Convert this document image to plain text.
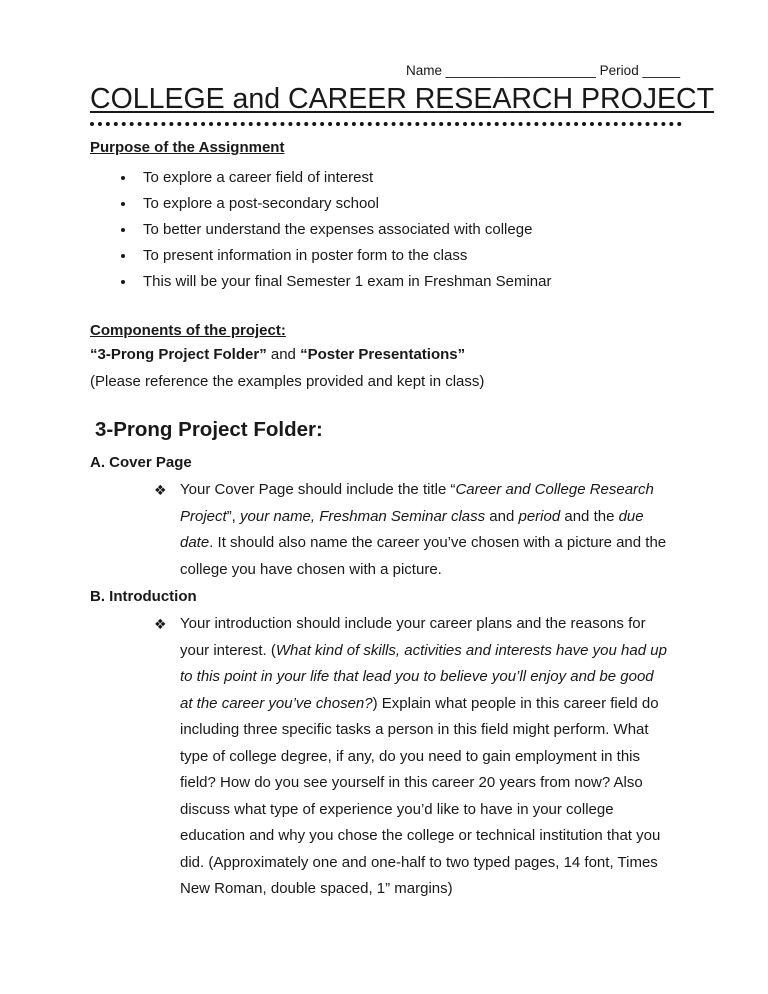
Name ____________________ Period _____
COLLEGE and CAREER RESEARCH PROJECT
Purpose of the Assignment
• To explore a career field of interest
• To explore a post-secondary school
• To better understand the expenses associated with college
• To present information in poster form to the class
• This will be your final Semester 1 exam in Freshman Seminar
Components of the project:

“3-Prong Project Folder” and “Poster Presentations”

(Please reference the examples provided and kept in class)

3-Prong Project Folder:

A. Cover Page

❖ Your Cover Page should include the title “Career and College Research Project”, your name, Freshman Seminar class and period and the due date. It should also name the career you’ve chosen with a picture and the college you have chosen with a picture.

B. Introduction

❖ Your introduction should include your career plans and the reasons for your interest. (What kind of skills, activities and interests have you had up to this point in your life that lead you to believe you’ll enjoy and be good at the career you’ve chosen?) Explain what people in this career field do including three specific tasks a person in this field might perform. What type of college degree, if any, do you need to gain employment in this field? How do you see yourself in this career 20 years from now? Also discuss what type of experience you’d like to have in your college education and why you chose the college or technical institution that you did. (Approximately one and one-half to two typed pages, 14 font, Times New Roman, double spaced, 1” margins)
